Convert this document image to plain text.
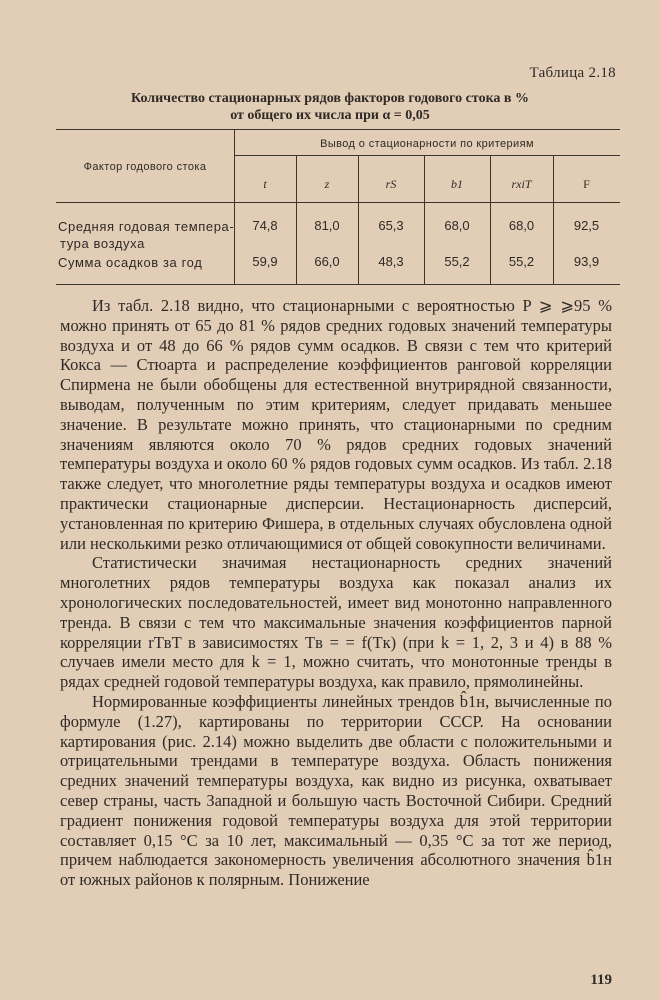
Таблица 2.18
Количество стационарных рядов факторов годового стока в %
от общего их числа при α = 0,05
Фактор годового стока
Вывод о стационарности по критериям
t	z	rS	b1	rxiT	F
Средняя годовая темпера-
тура воздуха
74,8	81,0	65,3	68,0	68,0	92,5
Сумма осадков за год	59,9	66,0	48,3	55,2	55,2	93,9

Из табл. 2.18 видно, что стационарными с вероятностью P ⩾ ⩾95 % можно принять от 65 до 81 % рядов средних годовых значений температуры воздуха и от 48 до 66 % рядов сумм осадков. В связи с тем что критерий Кокса — Стюарта и распределение коэффициентов ранговой корреляции Спирмена не были обобщены для естественной внутрирядной связанности, выводам, полученным по этим критериям, следует придавать меньшее значение. В результате можно принять, что стационарными по средним значениям являются около 70 % рядов средних годовых значений температуры воздуха и около 60 % рядов годовых сумм осадков. Из табл. 2.18 также следует, что многолетние ряды температуры воздуха и осадков имеют практически стационарные дисперсии. Нестационарность дисперсий, установленная по критерию Фишера, в отдельных случаях обусловлена одной или несколькими резко отличающимися от общей совокупности величинами.

Статистически значимая нестационарность средних значений многолетних рядов температуры воздуха как показал анализ их хронологических последовательностей, имеет вид монотонно направленного тренда. В связи с тем что максимальные значения коэффициентов парной корреляции rTвT в зависимостях Tв = = f(Tк) (при k = 1, 2, 3 и 4) в 88 % случаев имели место для k = 1, можно считать, что монотонные тренды в рядах средней годовой температуры воздуха, как правило, прямолинейны.

Нормированные коэффициенты линейных трендов b̂1н, вычисленные по формуле (1.27), картированы по территории СССР. На основании картирования (рис. 2.14) можно выделить две области с положительными и отрицательными трендами в температуре воздуха. Область понижения средних значений температуры воздуха, как видно из рисунка, охватывает север страны, часть Западной и большую часть Восточной Сибири. Средний градиент понижения годовой температуры воздуха для этой территории составляет 0,15 °С за 10 лет, максимальный — 0,35 °С за тот же период, причем наблюдается закономерность увеличения абсолютного значения b̂1н от южных районов к полярным. Понижение

119
